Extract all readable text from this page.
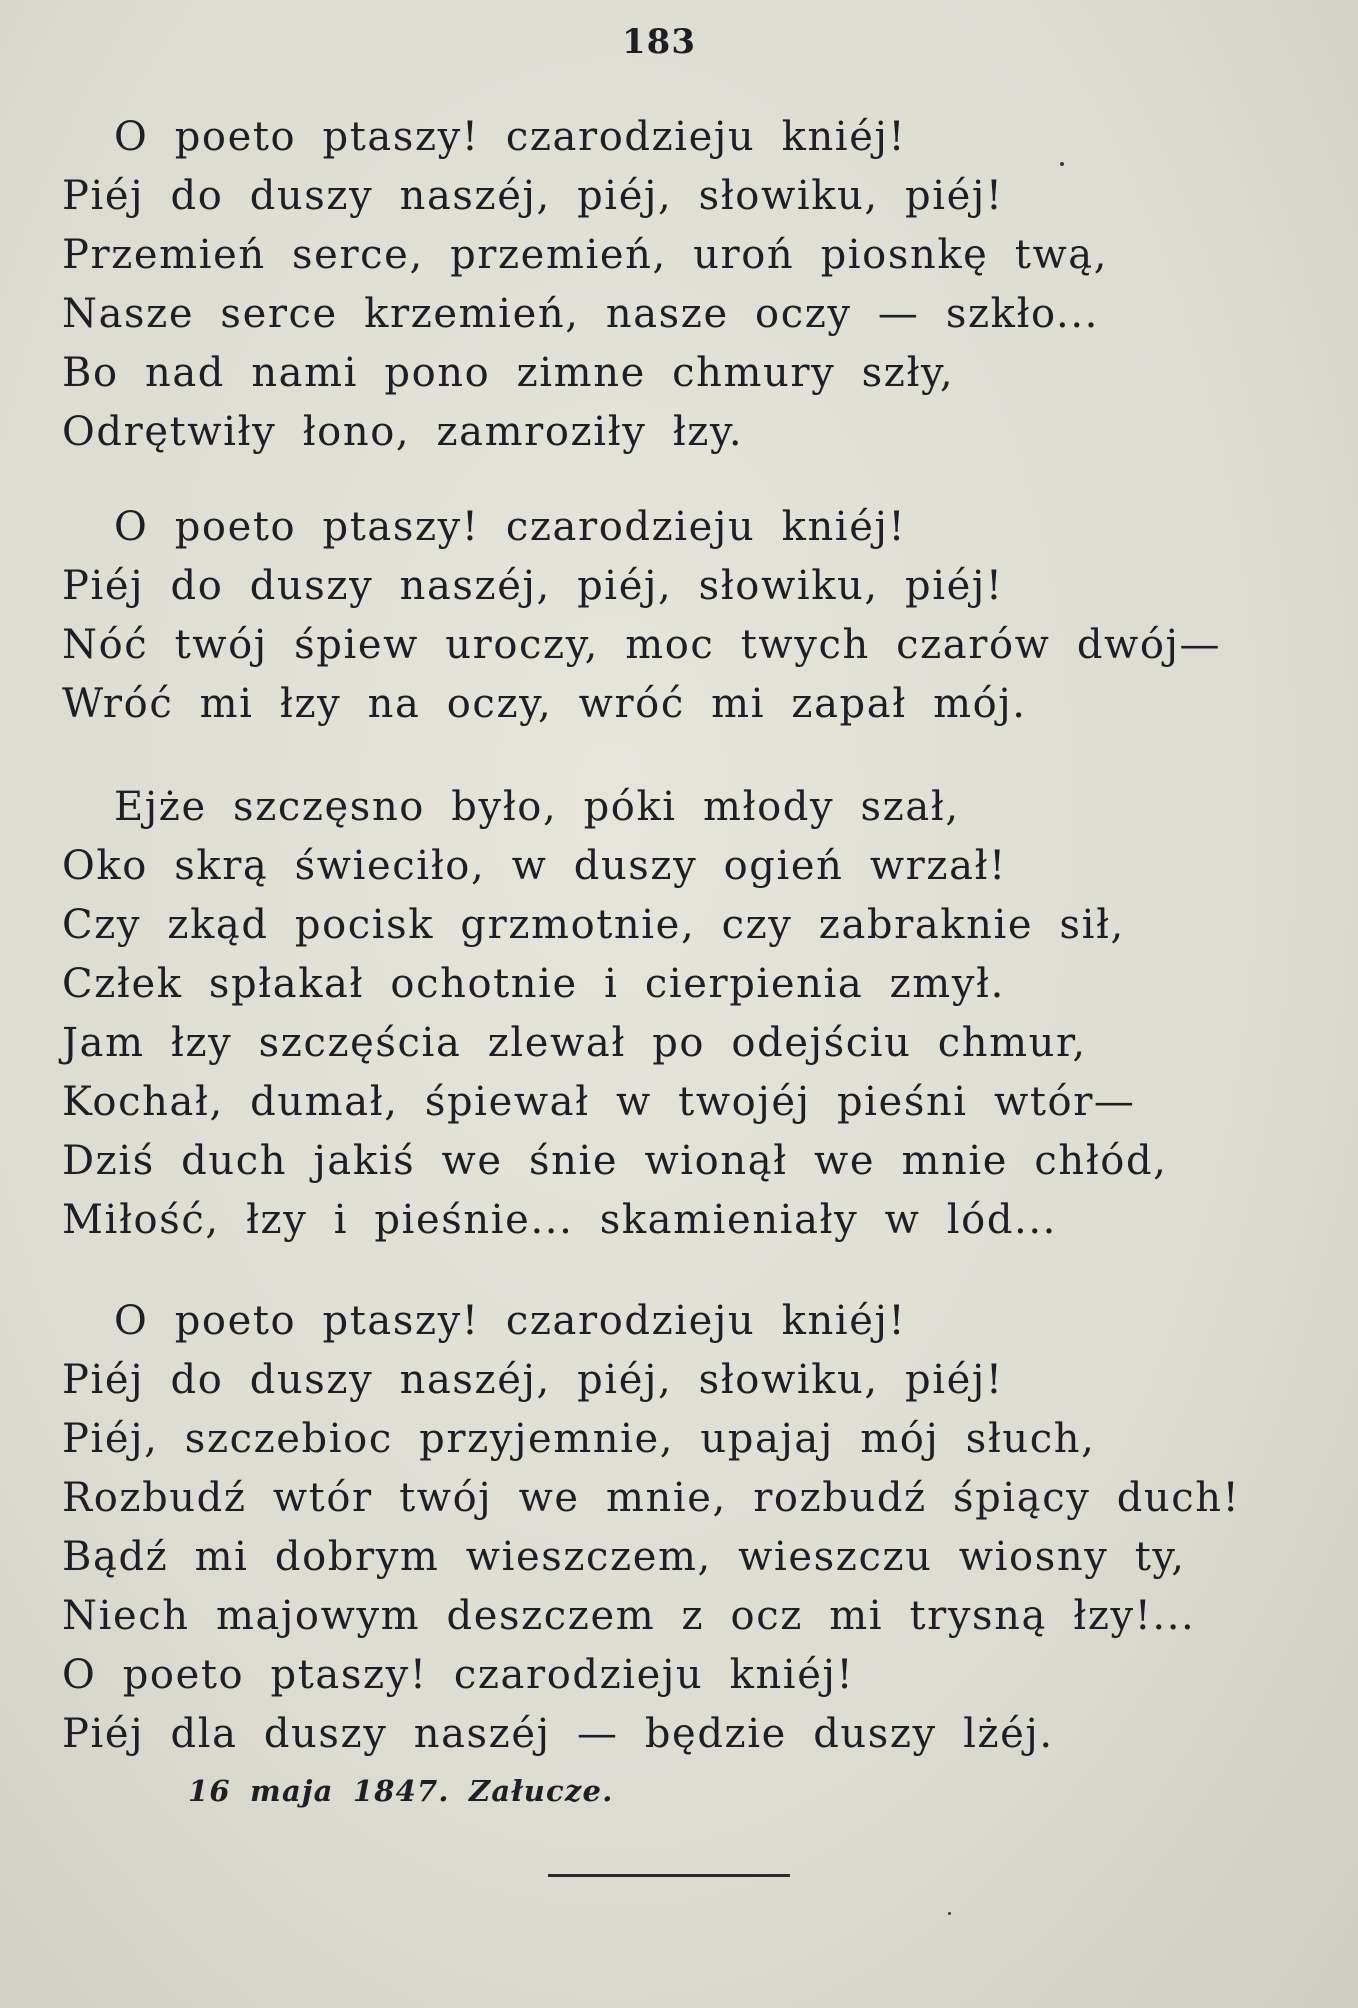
183
O poeto ptaszy! czarodzieju kniéj!
Piéj do duszy naszéj, piéj, słowiku, piéj!
Przemień serce, przemień, uroń piosnkę twą,
Nasze serce krzemień, nasze oczy — szkło...
Bo nad nami pono zimne chmury szły,
Odrętwiły łono, zamroziły łzy.
O poeto ptaszy! czarodzieju kniéj!
Piéj do duszy naszéj, piéj, słowiku, piéj!
Nóć twój śpiew uroczy, moc twych czarów dwój—
Wróć mi łzy na oczy, wróć mi zapał mój.
Ejże szczęsno było, póki młody szał,
Oko skrą świeciło, w duszy ogień wrzał!
Czy zkąd pocisk grzmotnie, czy zabraknie sił,
Człek spłakał ochotnie i cierpienia zmył.
Jam łzy szczęścia zlewał po odejściu chmur,
Kochał, dumał, śpiewał w twojéj pieśni wtór—
Dziś duch jakiś we śnie wionął we mnie chłód,
Miłość, łzy i pieśnie... skamieniały w lód...
O poeto ptaszy! czarodzieju kniéj!
Piéj do duszy naszéj, piéj, słowiku, piéj!
Piéj, szczebioc przyjemnie, upajaj mój słuch,
Rozbudź wtór twój we mnie, rozbudź śpiący duch!
Bądź mi dobrym wieszczem, wieszczu wiosny ty,
Niech majowym deszczem z ocz mi trysną łzy!...
O poeto ptaszy! czarodzieju kniéj!
Piéj dla duszy naszéj — będzie duszy lżéj.
16 maja 1847. Załucze.
